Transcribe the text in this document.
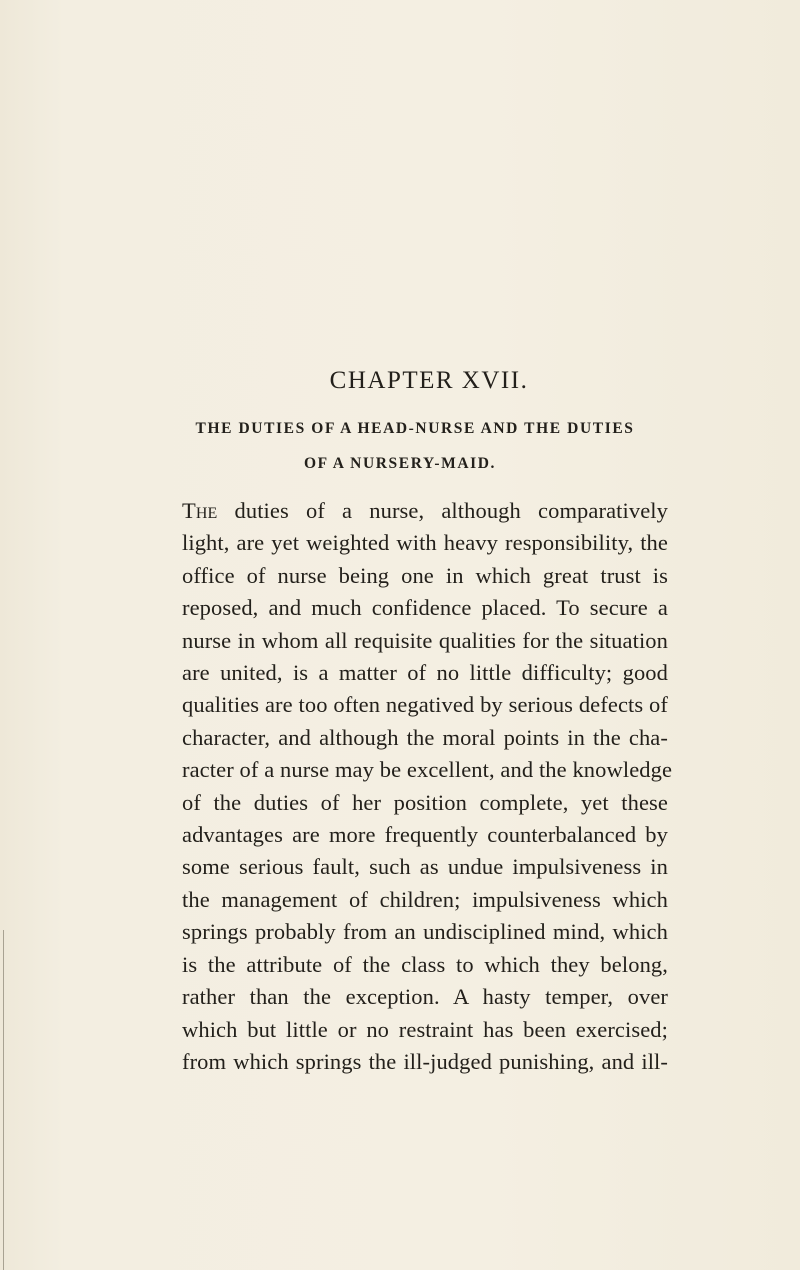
CHAPTER XVII.
THE DUTIES OF A HEAD-NURSE AND THE DUTIES
OF A NURSERY-MAID.
The duties of a nurse, although comparatively
light, are yet weighted with heavy responsibility, the
office of nurse being one in which great trust is
reposed, and much confidence placed. To secure a
nurse in whom all requisite qualities for the situation
are united, is a matter of no little difficulty; good
qualities are too often negatived by serious defects of
character, and although the moral points in the cha-
racter of a nurse may be excellent, and the knowledge
of the duties of her position complete, yet these
advantages are more frequently counterbalanced by
some serious fault, such as undue impulsiveness in
the management of children; impulsiveness which
springs probably from an undisciplined mind, which
is the attribute of the class to which they belong,
rather than the exception. A hasty temper, over
which but little or no restraint has been exercised;
from which springs the ill-judged punishing, and ill-
